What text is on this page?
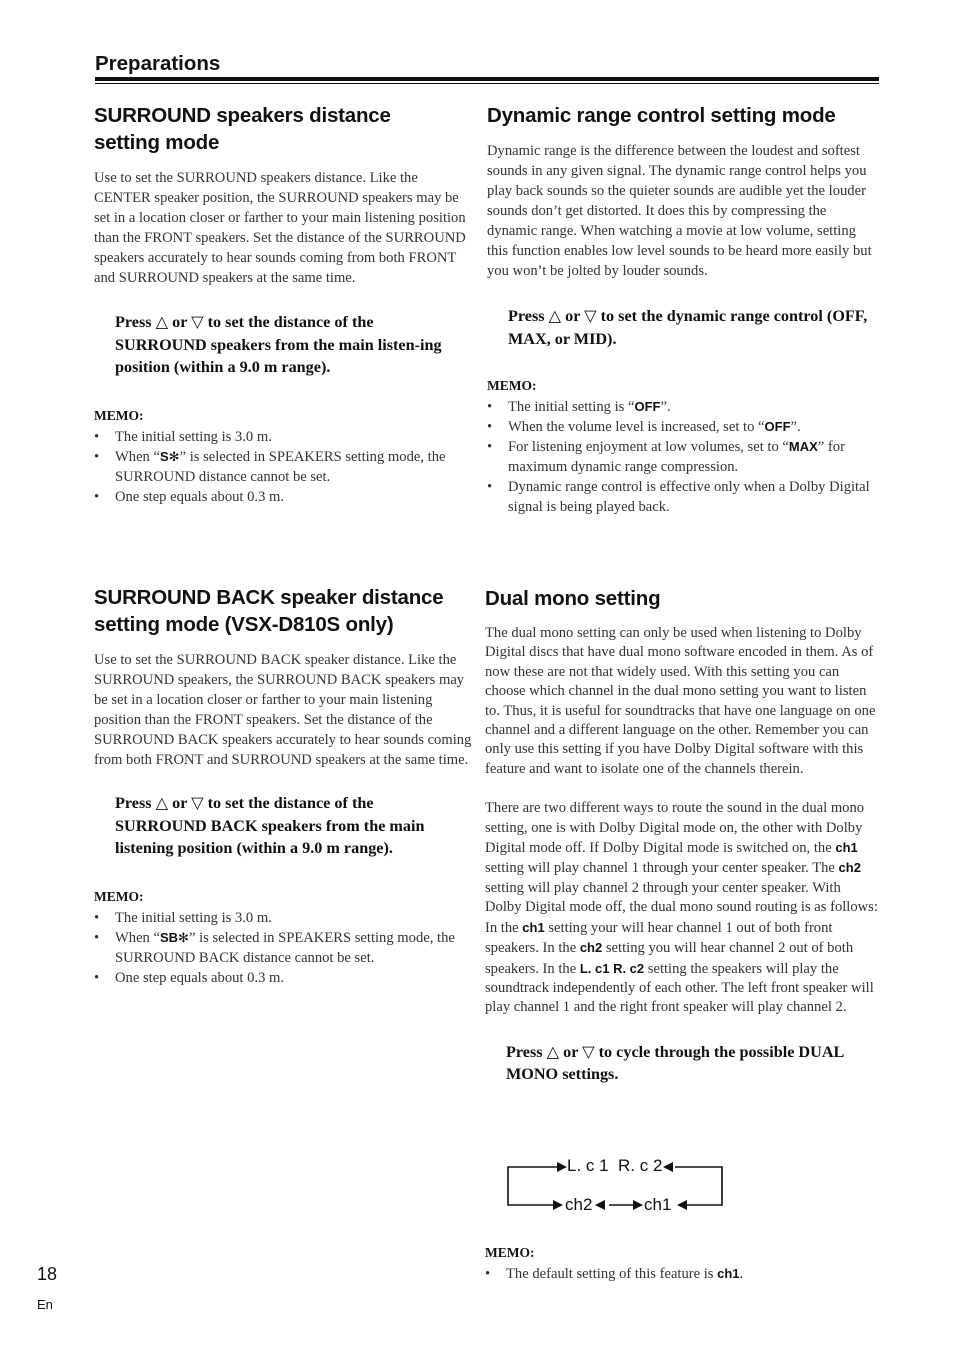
Preparations
SURROUND speakers distance
setting mode

Use to set the SURROUND speakers distance. Like the CENTER speaker position, the SURROUND speakers may be set in a location closer or farther to your main listening position than the FRONT speakers. Set the distance of the SURROUND speakers accurately to hear sounds coming from both FRONT and SURROUND speakers at the same time.

Press △ or ▽ to set the distance of the SURROUND speakers from the main listen-ing position (within a 9.0 m range).

MEMO:

• The initial setting is 3.0 m.
• When “S✻” is selected in SPEAKERS setting mode, the SURROUND distance cannot be set.
• One step equals about 0.3 m.
SURROUND BACK speaker distance
setting mode (VSX-D810S only)

Use to set the SURROUND BACK speaker distance. Like the SURROUND speakers, the SURROUND BACK speakers may be set in a location closer or farther to your main listening position than the FRONT speakers. Set the distance of the SURROUND BACK speakers accurately to hear sounds coming from both FRONT and SURROUND speakers at the same time.

Press △ or ▽ to set the distance of the SURROUND BACK speakers from the main listening position (within a 9.0 m range).

MEMO:

• The initial setting is 3.0 m.
• When “SB✻” is selected in SPEAKERS setting mode, the SURROUND BACK distance cannot be set.
• One step equals about 0.3 m.
Dynamic range control setting mode

Dynamic range is the difference between the loudest and softest sounds in any given signal. The dynamic range control helps you play back sounds so the quieter sounds are audible yet the louder sounds don’t get distorted. It does this by compressing the dynamic range. When watching a movie at low volume, setting this function enables low level sounds to be heard more easily but you won’t be jolted by louder sounds.

Press △ or ▽ to set the dynamic range control (OFF, MAX, or MID).

MEMO:

• The initial setting is “OFF”.
• When the volume level is increased, set to “OFF”.
• For listening enjoyment at low volumes, set to “MAX” for maximum dynamic range compression.
• Dynamic range control is effective only when a Dolby Digital signal is being played back.
Dual mono setting

The dual mono setting can only be used when listening to Dolby Digital discs that have dual mono software encoded in them. As of now these are not that widely used. With this setting you can choose which channel in the dual mono setting you want to listen to. Thus, it is useful for soundtracks that have one language on one channel and a different language on the other. Remember you can only use this setting if you have Dolby Digital software with this feature and want to isolate one of the channels therein.

There are two different ways to route the sound in the dual mono setting, one is with Dolby Digital mode on, the other with Dolby Digital mode off. If Dolby Digital mode is switched on, the ch1 setting will play channel 1 through your center speaker. The ch2 setting will play channel 2 through your center speaker. With Dolby Digital mode off, the dual mono sound routing is as follows: In the ch1 setting your will hear channel 1 out of both front speakers. In the ch2 setting you will hear channel 2 out of both speakers. In the L. c1 R. c2 setting the speakers will play the soundtrack independently of each other. The left front speaker will play channel 1 and the right front speaker will play channel 2.

Press △ or ▽ to cycle through the possible DUAL MONO settings.

L. c 1  R. c 2
ch2	ch1

MEMO:

• The default setting of this feature is ch1.
18
En
